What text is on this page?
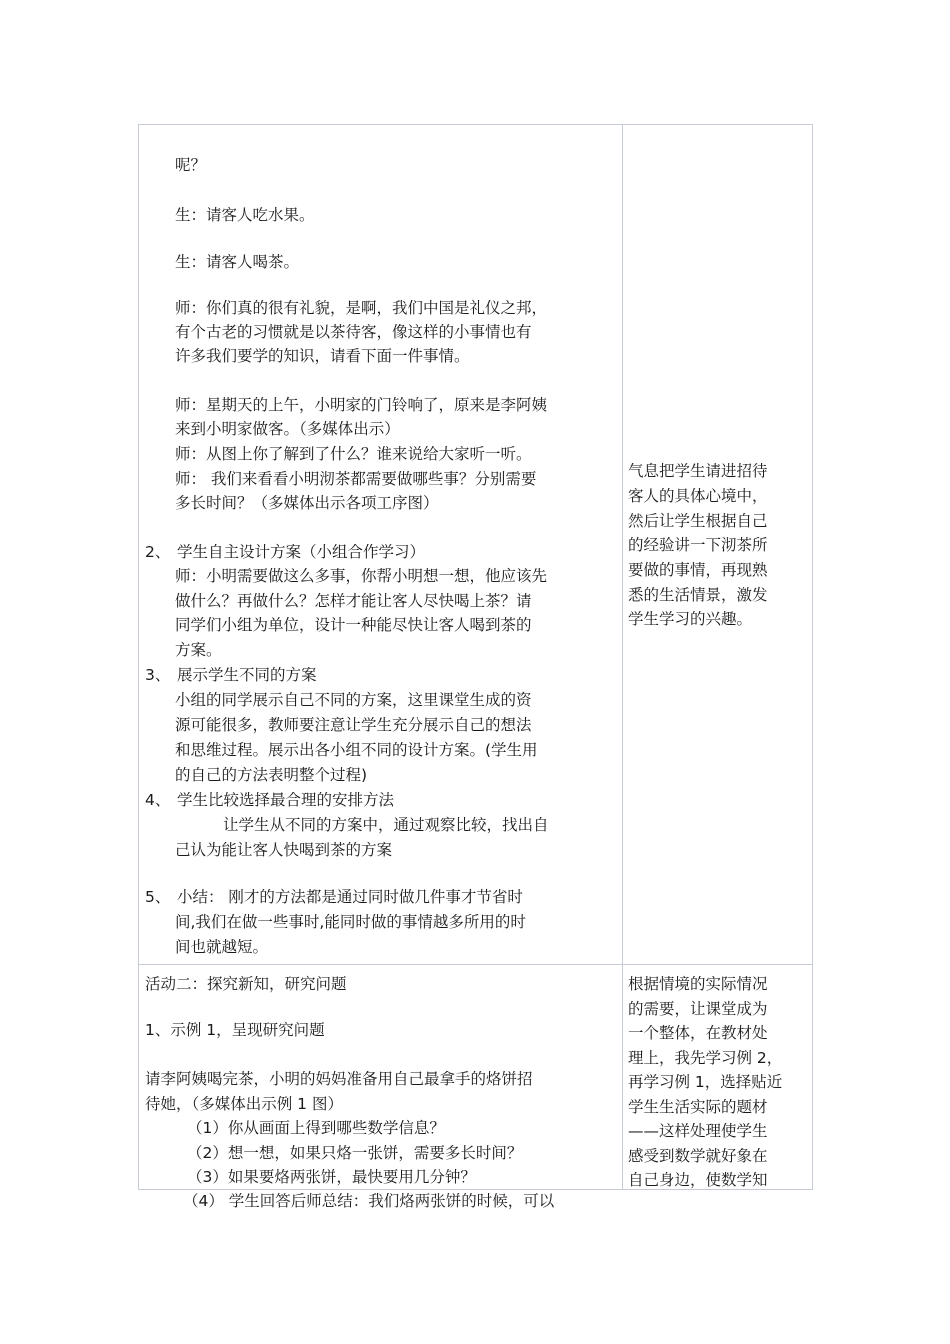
呢？
生：请客人吃水果。
生：请客人喝茶。
师：你们真的很有礼貌，是啊，我们中国是礼仪之邦，
有个古老的习惯就是以茶待客，像这样的小事情也有
许多我们要学的知识，请看下面一件事情。
师：星期天的上午，小明家的门铃响了，原来是李阿姨
来到小明家做客。（多媒体出示）
师：从图上你了解到了什么？谁来说给大家听一听。
师： 我们来看看小明沏茶都需要做哪些事？分别需要
多长时间？（多媒体出示各项工序图）
2、 学生自主设计方案（小组合作学习）
师：小明需要做这么多事，你帮小明想一想，他应该先
做什么？再做什么？怎样才能让客人尽快喝上茶？请
同学们小组为单位，设计一种能尽快让客人喝到茶的
方案。
3、 展示学生不同的方案
小组的同学展示自己不同的方案，这里课堂生成的资
源可能很多，教师要注意让学生充分展示自己的想法
和思维过程。展示出各小组不同的设计方案。(学生用
的自己的方法表明整个过程)
4、 学生比较选择最合理的安排方法
让学生从不同的方案中，通过观察比较，找出自
己认为能让客人快喝到茶的方案
5、 小结： 刚才的方法都是通过同时做几件事才节省时
间,我们在做一些事时,能同时做的事情越多所用的时
间也就越短。
气息把学生请进招待
客人的具体心境中，
然后让学生根据自己
的经验讲一下沏茶所
要做的事情，再现熟
悉的生活情景，激发
学生学习的兴趣。
活动二：探究新知，研究问题
1、示例 1，呈现研究问题
请李阿姨喝完茶，小明的妈妈准备用自己最拿手的烙饼招
待她，（多媒体出示例 1 图）
（1）你从画面上得到哪些数学信息？
（2）想一想，如果只烙一张饼，需要多长时间？
（3）如果要烙两张饼，最快要用几分钟？
（4） 学生回答后师总结：我们烙两张饼的时候，可以
根据情境的实际情况
的需要，让课堂成为
一个整体，在教材处
理上，我先学习例 2，
再学习例 1，选择贴近
学生生活实际的题材
——这样处理使学生
感受到数学就好象在
自己身边，使数学知
